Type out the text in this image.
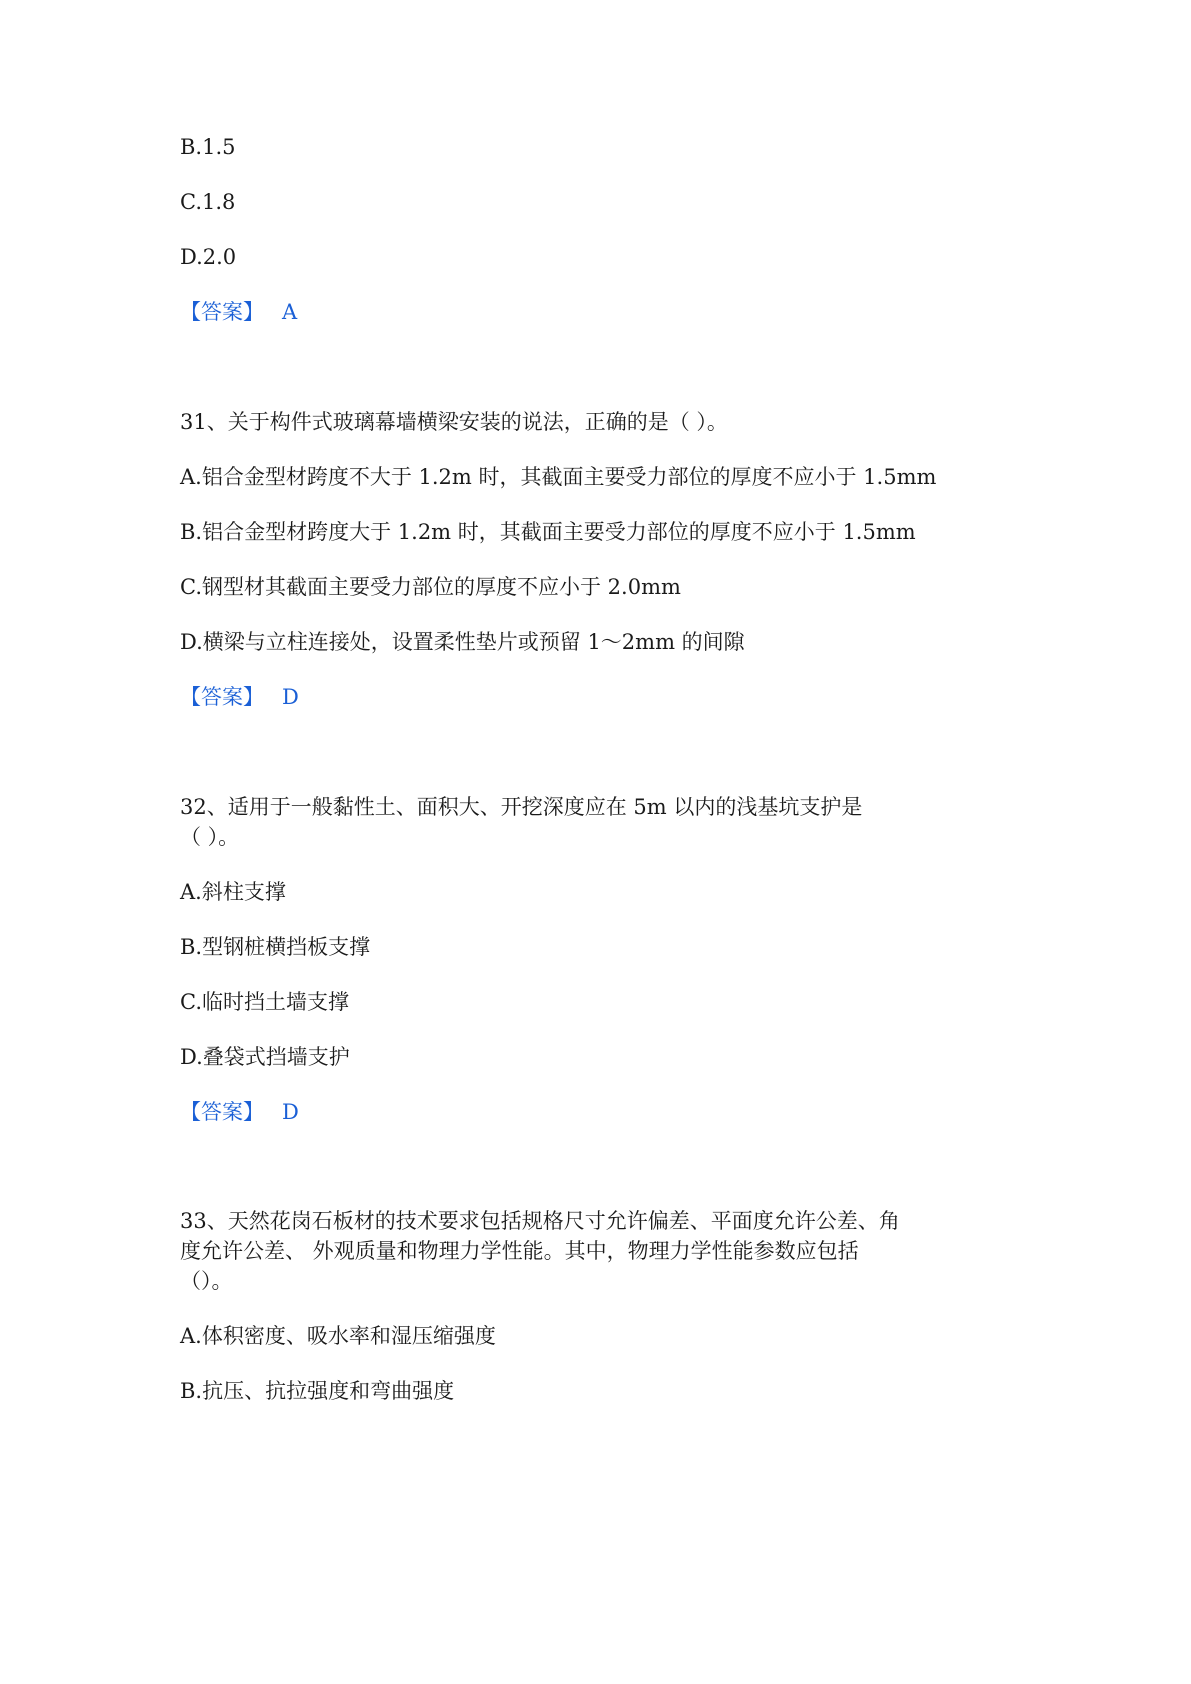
B.1.5

C.1.8

D.2.0

【答案】 A

31、关于构件式玻璃幕墙横梁安装的说法，正确的是（ ）。

A.铝合金型材跨度不大于 1.2m 时，其截面主要受力部位的厚度不应小于 1.5mm

B.铝合金型材跨度大于 1.2m 时，其截面主要受力部位的厚度不应小于 1.5mm

C.钢型材其截面主要受力部位的厚度不应小于 2.0mm

D.横梁与立柱连接处，设置柔性垫片或预留 1～2mm 的间隙

【答案】 D

32、适用于一般黏性土、面积大、开挖深度应在 5m 以内的浅基坑支护是

（ ）。

A.斜柱支撑

B.型钢桩横挡板支撑

C.临时挡土墙支撑

D.叠袋式挡墙支护

【答案】 D

33、天然花岗石板材的技术要求包括规格尺寸允许偏差、平面度允许公差、角

度允许公差、 外观质量和物理力学性能。其中，物理力学性能参数应包括

（）。

A.体积密度、吸水率和湿压缩强度

B.抗压、抗拉强度和弯曲强度
